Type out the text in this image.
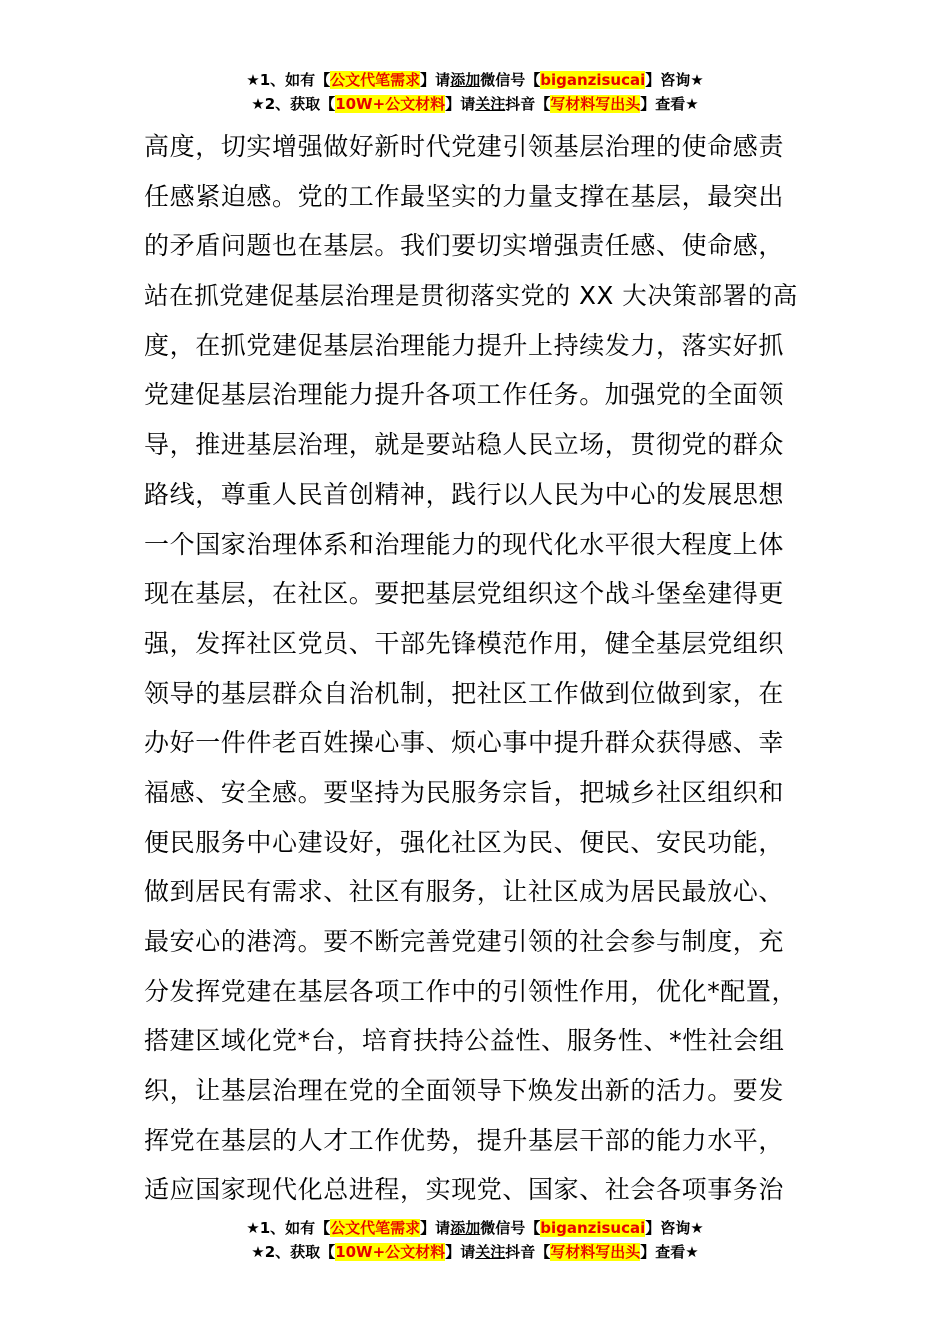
★1、如有【公文代笔需求】请添加微信号【biganzisucai】咨询★
★2、获取【10W+公文材料】请关注抖音【写材料写出头】查看★
高度，切实增强做好新时代党建引领基层治理的使命感责
任感紧迫感。党的工作最坚实的力量支撑在基层，最突出
的矛盾问题也在基层。我们要切实增强责任感、使命感，
站在抓党建促基层治理是贯彻落实党的 XX 大决策部署的高
度，在抓党建促基层治理能力提升上持续发力，落实好抓
党建促基层治理能力提升各项工作任务。加强党的全面领
导，推进基层治理，就是要站稳人民立场，贯彻党的群众
路线，尊重人民首创精神，践行以人民为中心的发展思想
一个国家治理体系和治理能力的现代化水平很大程度上体
现在基层，在社区。要把基层党组织这个战斗堡垒建得更
强，发挥社区党员、干部先锋模范作用，健全基层党组织
领导的基层群众自治机制，把社区工作做到位做到家，在
办好一件件老百姓操心事、烦心事中提升群众获得感、幸
福感、安全感。要坚持为民服务宗旨，把城乡社区组织和
便民服务中心建设好，强化社区为民、便民、安民功能，
做到居民有需求、社区有服务，让社区成为居民最放心、
最安心的港湾。要不断完善党建引领的社会参与制度，充
分发挥党建在基层各项工作中的引领性作用，优化*配置，
搭建区域化党*台，培育扶持公益性、服务性、*性社会组
织，让基层治理在党的全面领导下焕发出新的活力。要发
挥党在基层的人才工作优势，提升基层干部的能力水平，
适应国家现代化总进程，实现党、国家、社会各项事务治
★1、如有【公文代笔需求】请添加微信号【biganzisucai】咨询★
★2、获取【10W+公文材料】请关注抖音【写材料写出头】查看★
